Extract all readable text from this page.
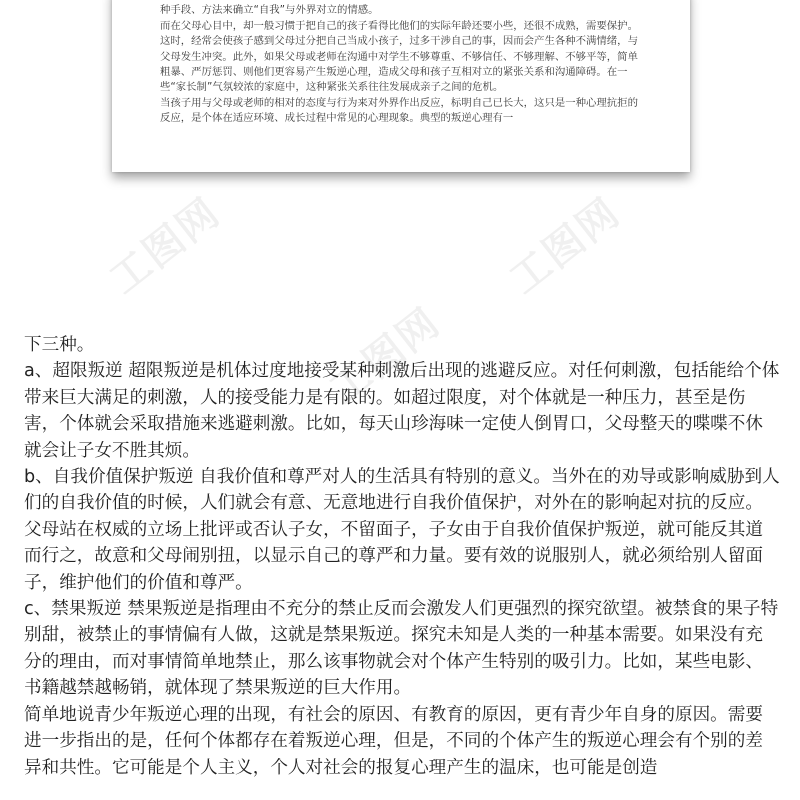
种手段、方法来确立“自我”与外界对立的情感。

而在父母心目中，却一般习惯于把自己的孩子看得比他们的实际年龄还要小些，还很不成熟，需要保护。这时，经常会使孩子感到父母过分把自己当成小孩子，过多干涉自己的事，因而会产生各种不满情绪，与父母发生冲突。此外，如果父母或老师在沟通中对学生不够尊重、不够信任、不够理解、不够平等，简单粗暴、严厉惩罚、则他们更容易产生叛逆心理，造成父母和孩子互相对立的紧张关系和沟通障碍。在一些“家长制”气氛较浓的家庭中，这种紧张关系往往发展成亲子之间的危机。

当孩子用与父母或老师的相对的态度与行为来对外界作出反应，标明自己已长大，这只是一种心理抗拒的反应，是个体在适应环境、成长过程中常见的心理现象。典型的叛逆心理有一

工图网	工图网
工图网

下三种。

a、超限叛逆 超限叛逆是机体过度地接受某种刺激后出现的逃避反应。对任何刺激，包括能给个体带来巨大满足的刺激，人的接受能力是有限的。如超过限度，对个体就是一种压力，甚至是伤害，个体就会采取措施来逃避刺激。比如，每天山珍海味一定使人倒胃口，父母整天的喋喋不休就会让子女不胜其烦。

b、自我价值保护叛逆 自我价值和尊严对人的生活具有特别的意义。当外在的劝导或影响威胁到人们的自我价值的时候，人们就会有意、无意地进行自我价值保护，对外在的影响起对抗的反应。父母站在权威的立场上批评或否认子女，不留面子，子女由于自我价值保护叛逆，就可能反其道而行之，故意和父母闹别扭，以显示自己的尊严和力量。要有效的说服别人，就必须给别人留面子，维护他们的价值和尊严。

c、禁果叛逆 禁果叛逆是指理由不充分的禁止反而会激发人们更强烈的探究欲望。被禁食的果子特别甜，被禁止的事情偏有人做，这就是禁果叛逆。探究未知是人类的一种基本需要。如果没有充分的理由，而对事情简单地禁止，那么该事物就会对个体产生特别的吸引力。比如，某些电影、书籍越禁越畅销，就体现了禁果叛逆的巨大作用。

简单地说青少年叛逆心理的出现，有社会的原因、有教育的原因，更有青少年自身的原因。需要进一步指出的是，任何个体都存在着叛逆心理，但是，不同的个体产生的叛逆心理会有个别的差异和共性。它可能是个人主义，个人对社会的报复心理产生的温床，也可能是创造
